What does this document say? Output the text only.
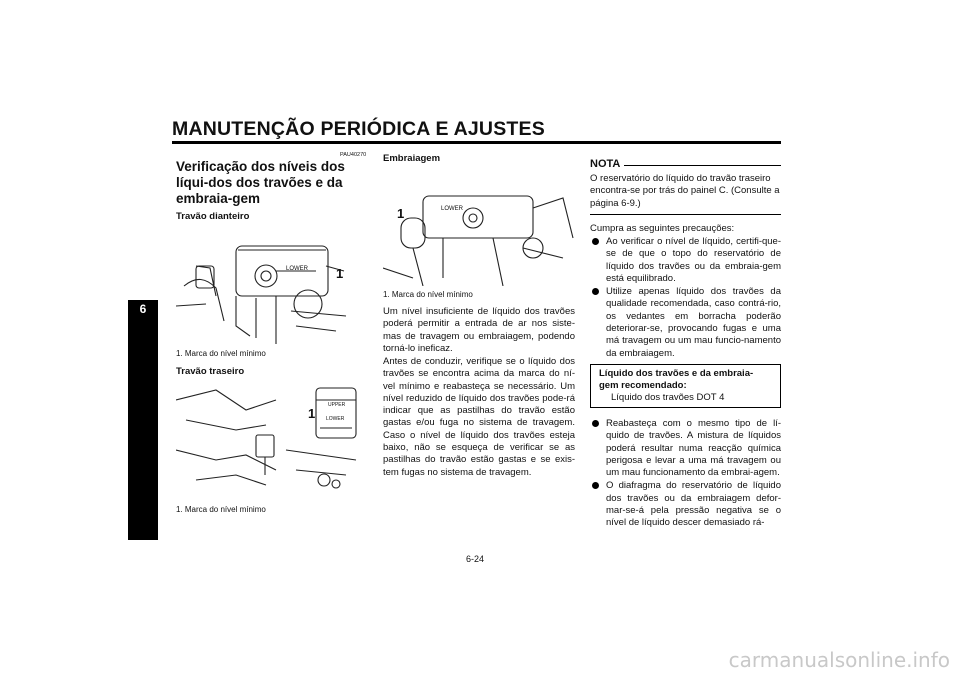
MANUTENÇÃO PERIÓDICA E AJUSTES
6
PAU40270
Verificação dos níveis dos líqui-dos dos travões e da embraia-gem
Travão dianteiro
LOWER 1
1. Marca do nível mínimo
Travão traseiro
UPPER
LOWER
1
1. Marca do nível mínimo
Embraiagem
LOWER
1
1. Marca do nível mínimo
Um nível insuficiente de líquido dos travões poderá permitir a entrada de ar nos siste-mas de travagem ou embraiagem, podendo torná-lo ineficaz.
Antes de conduzir, verifique se o líquido dos travões se encontra acima da marca do ní-vel mínimo e reabasteça se necessário. Um nível reduzido de líquido dos travões pode-rá indicar que as pastilhas do travão estão gastas e/ou fuga no sistema de travagem. Caso o nível de líquido dos travões esteja baixo, não se esqueça de verificar se as pastilhas do travão estão gastas e se exis-tem fugas no sistema de travagem.
NOTA
O reservatório do líquido do travão traseiro encontra-se por trás do painel C. (Consulte a página 6-9.)
Cumpra as seguintes precauções:
Ao verificar o nível de líquido, certifi-que-se de que o topo do reservatório de líquido dos travões ou da embraia-gem está equilibrado.
Utilize apenas líquido dos travões da qualidade recomendada, caso contrá-rio, os vedantes em borracha poderão deteriorar-se, provocando fugas e uma má travagem ou um mau funcio-namento da embraiagem.
Líquido dos travões e da embraia-gem recomendado:
Líquido dos travões DOT 4
Reabasteça com o mesmo tipo de lí-quido de travões. A mistura de líquidos poderá resultar numa reacção química perigosa e levar a uma má travagem ou um mau funcionamento da embrai-agem.
O diafragma do reservatório de líquido dos travões ou da embraiagem defor-mar-se-á pela pressão negativa se o nível de líquido descer demasiado rá-
6-24
carmanualsonline.info
